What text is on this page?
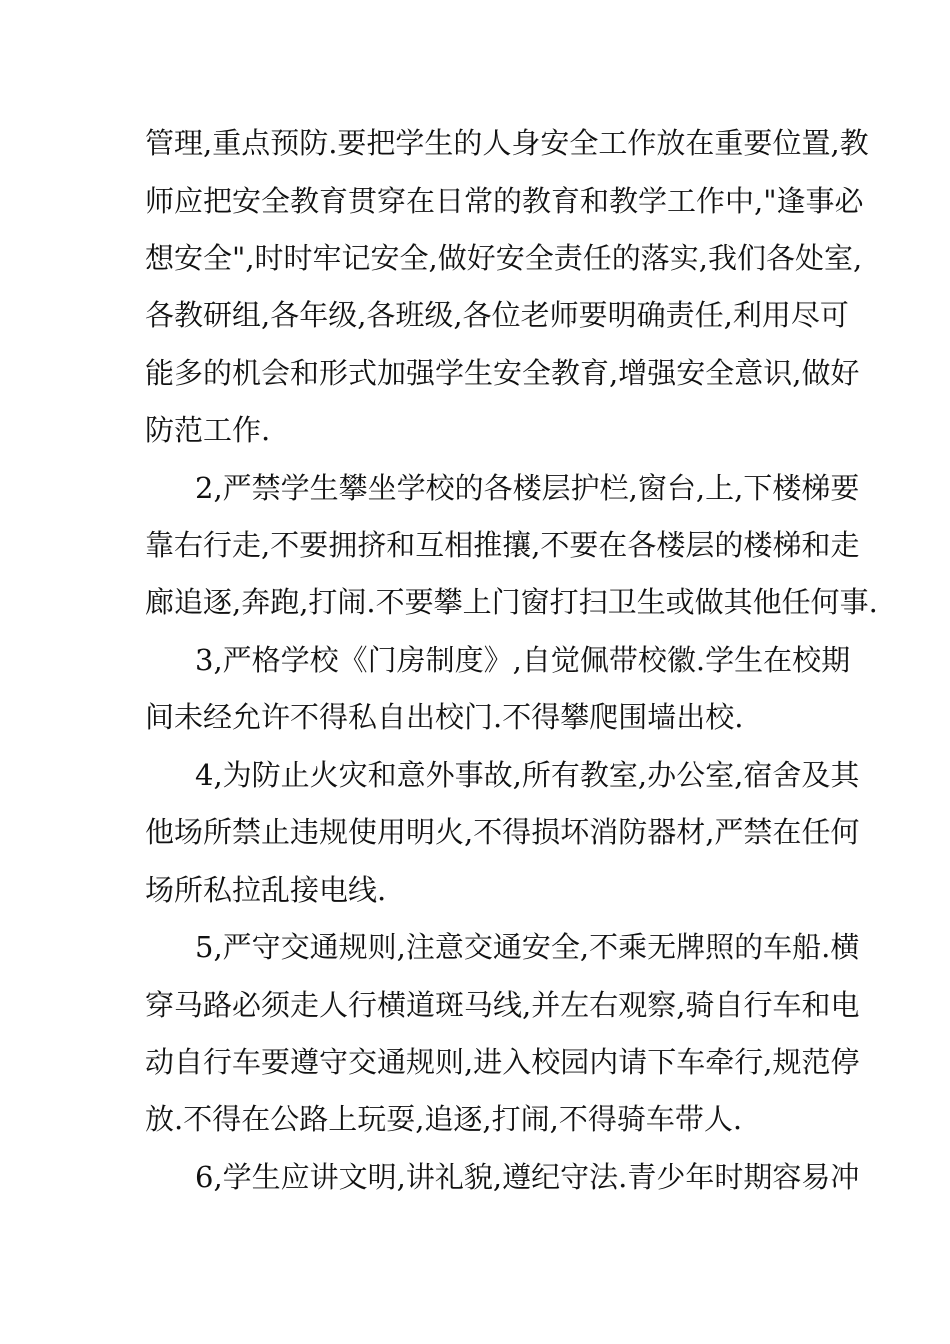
管理,重点预防.要把学生的人身安全工作放在重要位置,教
师应把安全教育贯穿在日常的教育和教学工作中,"逢事必
想安全",时时牢记安全,做好安全责任的落实,我们各处室,
各教研组,各年级,各班级,各位老师要明确责任,利用尽可
能多的机会和形式加强学生安全教育,增强安全意识,做好
防范工作.
2,严禁学生攀坐学校的各楼层护栏,窗台,上,下楼梯要
靠右行走,不要拥挤和互相推攘,不要在各楼层的楼梯和走
廊追逐,奔跑,打闹.不要攀上门窗打扫卫生或做其他任何事.
3,严格学校《门房制度》,自觉佩带校徽.学生在校期
间未经允许不得私自出校门.不得攀爬围墙出校.
4,为防止火灾和意外事故,所有教室,办公室,宿舍及其
他场所禁止违规使用明火,不得损坏消防器材,严禁在任何
场所私拉乱接电线.
5,严守交通规则,注意交通安全,不乘无牌照的车船.横
穿马路必须走人行横道斑马线,并左右观察,骑自行车和电
动自行车要遵守交通规则,进入校园内请下车牵行,规范停
放.不得在公路上玩耍,追逐,打闹,不得骑车带人.
6,学生应讲文明,讲礼貌,遵纪守法.青少年时期容易冲
